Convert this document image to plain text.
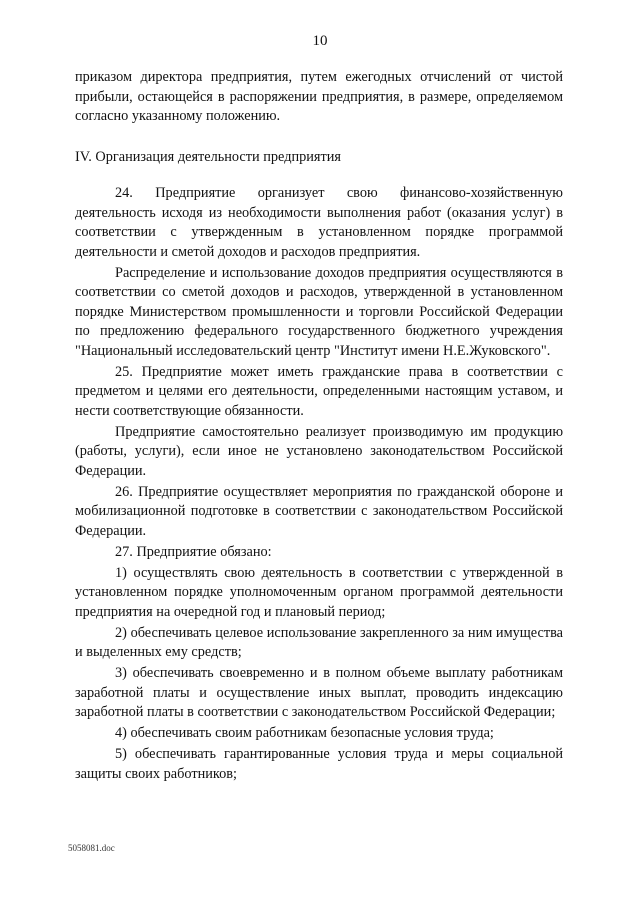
10

приказом директора предприятия, путем ежегодных отчислений от чистой прибыли, остающейся в распоряжении предприятия, в размере, определяемом согласно указанному положению.

IV. Организация деятельности предприятия

24. Предприятие организует свою финансово-хозяйственную деятельность исходя из необходимости выполнения работ (оказания услуг) в соответствии с утвержденным в установленном порядке программой деятельности и сметой доходов и расходов предприятия.

Распределение и использование доходов предприятия осуществляются в соответствии со сметой доходов и расходов, утвержденной в установленном порядке Министерством промышленности и торговли Российской Федерации по предложению федерального государственного бюджетного учреждения "Национальный исследовательский центр "Институт имени Н.Е.Жуковского".

25. Предприятие может иметь гражданские права в соответствии с предметом и целями его деятельности, определенными настоящим уставом, и нести соответствующие обязанности.

Предприятие самостоятельно реализует производимую им продукцию (работы, услуги), если иное не установлено законодательством Российской Федерации.

26. Предприятие осуществляет мероприятия по гражданской обороне и мобилизационной подготовке в соответствии с законодательством Российской Федерации.

27. Предприятие обязано:

1) осуществлять свою деятельность в соответствии с утвержденной в установленном порядке уполномоченным органом программой деятельности предприятия на очередной год и плановый период;

2) обеспечивать целевое использование закрепленного за ним имущества и выделенных ему средств;

3) обеспечивать своевременно и в полном объеме выплату работникам заработной платы и осуществление иных выплат, проводить индексацию заработной платы в соответствии с законодательством Российской Федерации;

4) обеспечивать своим работникам безопасные условия труда;

5) обеспечивать гарантированные условия труда и меры социальной защиты своих работников;

5058081.doc
